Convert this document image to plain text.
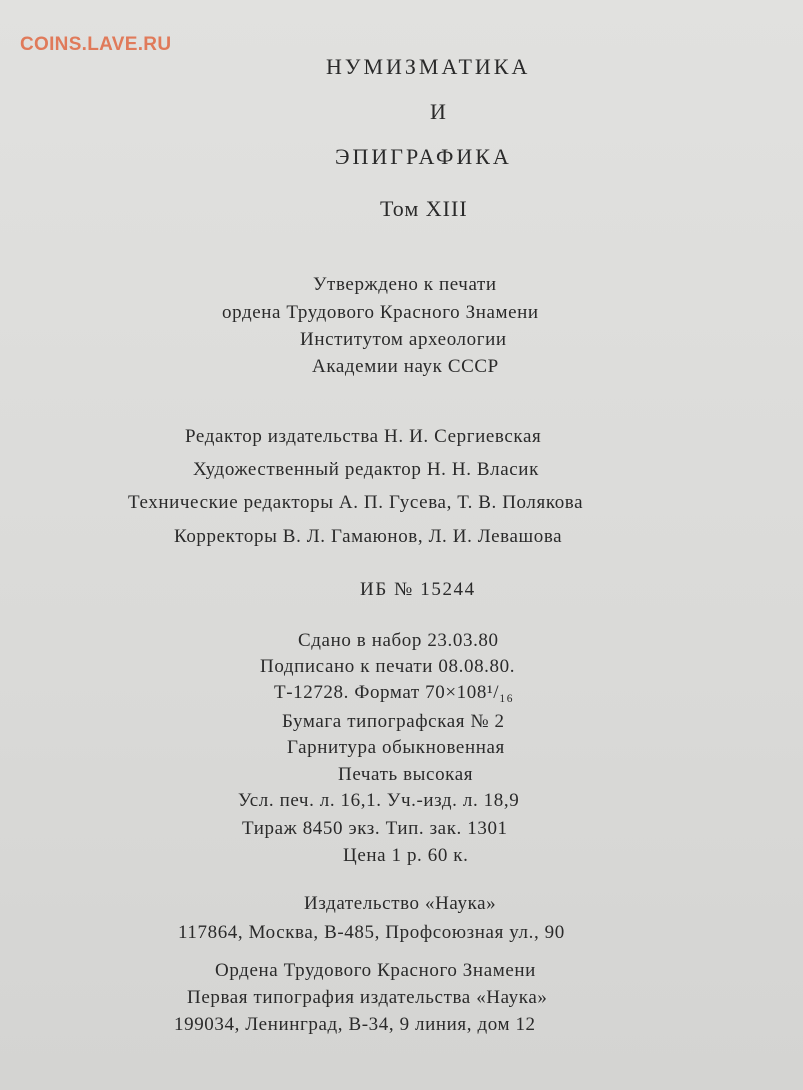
COINS.LAVE.RU
НУМИЗМАТИКА
И
ЭПИГРАФИКА
Том XIII
Утверждено к печати
ордена Трудового Красного Знамени
Институтом археологии
Академии наук СССР
Редактор издательства Н. И. Сергиевская
Художественный редактор Н. Н. Власик
Технические редакторы А. П. Гусева, Т. В. Полякова
Корректоры В. Л. Гамаюнов, Л. И. Левашова
ИБ № 15244
Сдано в набор 23.03.80
Подписано к печати 08.08.80.
Т-12728. Формат 70×108¹/₁₆
Бумага типографская № 2
Гарнитура обыкновенная
Печать высокая
Усл. печ. л. 16,1. Уч.-изд. л. 18,9
Тираж 8450 экз. Тип. зак. 1301
Цена 1 р. 60 к.
Издательство «Наука»
117864, Москва, В-485, Профсоюзная ул., 90
Ордена Трудового Красного Знамени
Первая типография издательства «Наука»
199034, Ленинград, В-34, 9 линия, дом 12
